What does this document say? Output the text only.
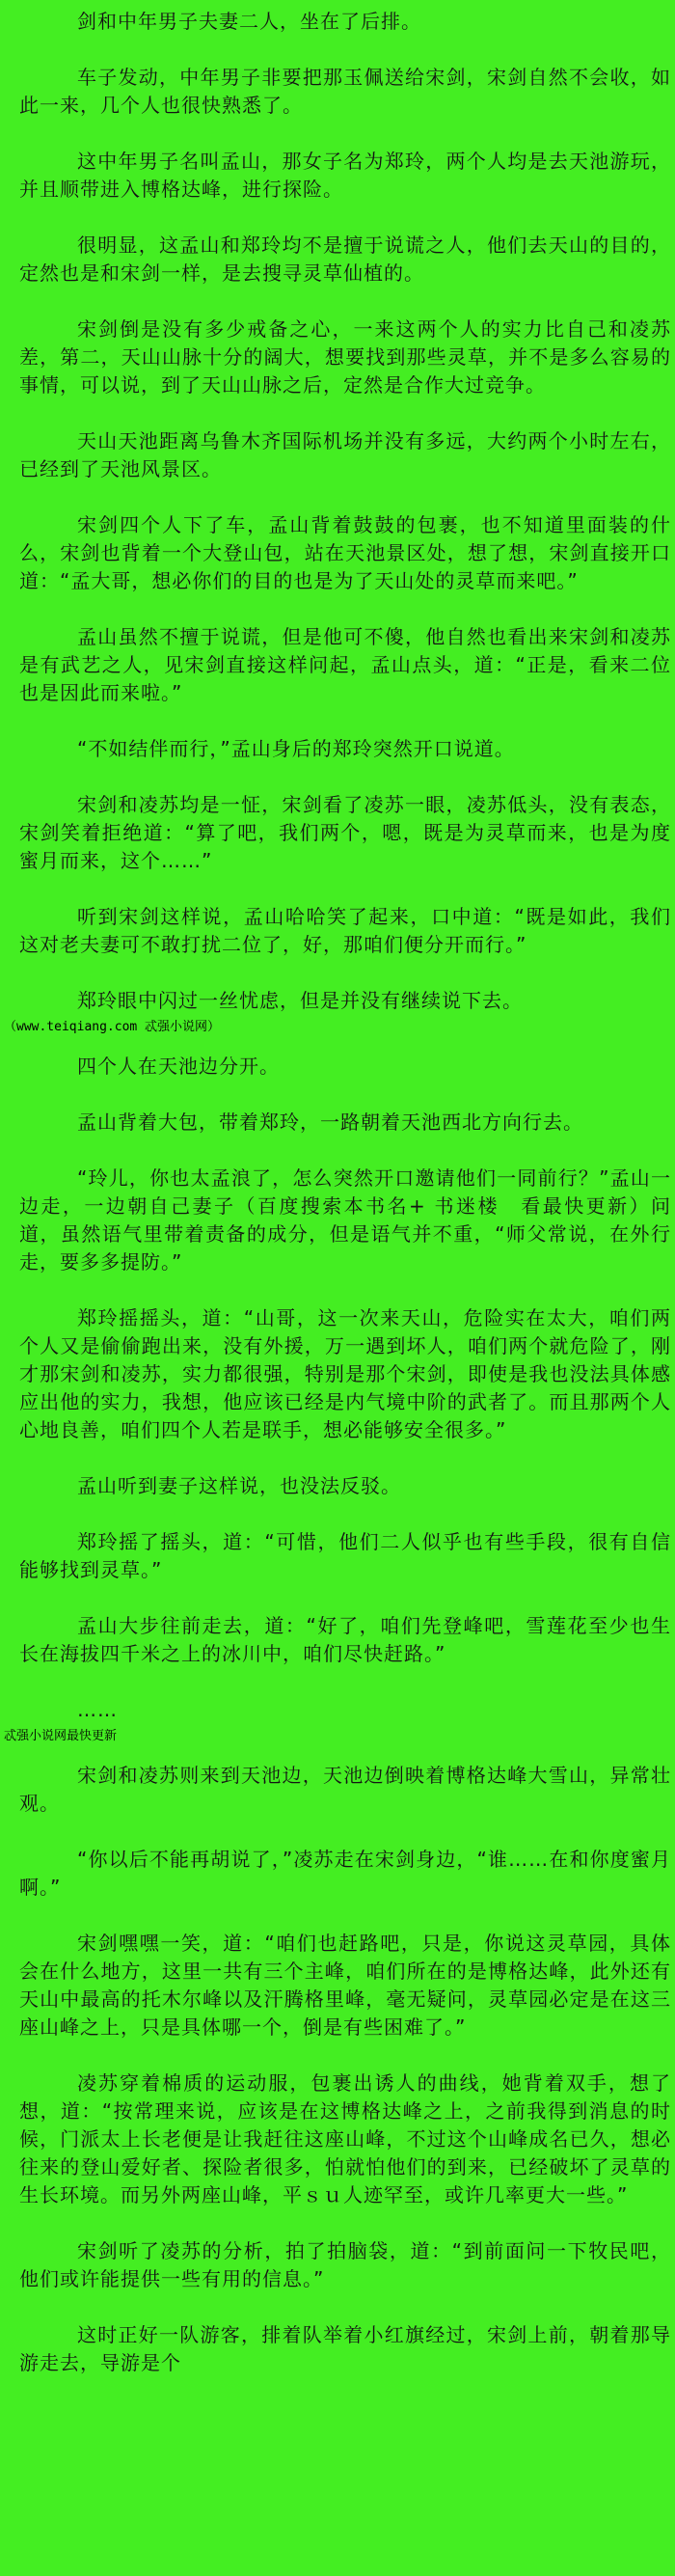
剑和中年男子夫妻二人，坐在了后排。

车子发动，中年男子非要把那玉佩送给宋剑，宋剑自然不会收，如此一来，几个人也很快熟悉了。

这中年男子名叫孟山，那女子名为郑玲，两个人均是去天池游玩，并且顺带进入博格达峰，进行探险。

很明显，这孟山和郑玲均不是擅于说谎之人，他们去天山的目的，定然也是和宋剑一样，是去搜寻灵草仙植的。

宋剑倒是没有多少戒备之心，一来这两个人的实力比自己和凌苏差，第二，天山山脉十分的阔大，想要找到那些灵草，并不是多么容易的事情，可以说，到了天山山脉之后，定然是合作大过竞争。

天山天池距离乌鲁木齐国际机场并没有多远，大约两个小时左右，已经到了天池风景区。

宋剑四个人下了车，孟山背着鼓鼓的包裹，也不知道里面装的什么，宋剑也背着一个大登山包，站在天池景区处，想了想，宋剑直接开口道：“孟大哥，想必你们的目的也是为了天山处的灵草而来吧。”

孟山虽然不擅于说谎，但是他可不傻，他自然也看出来宋剑和凌苏是有武艺之人，见宋剑直接这样问起，孟山点头，道：“正是，看来二位也是因此而来啦。”

“不如结伴而行，”孟山身后的郑玲突然开口说道。

宋剑和凌苏均是一怔，宋剑看了凌苏一眼，凌苏低头，没有表态，宋剑笑着拒绝道：“算了吧，我们两个，嗯，既是为灵草而来，也是为度蜜月而来，这个……”

听到宋剑这样说，孟山哈哈笑了起来，口中道：“既是如此，我们这对老夫妻可不敢打扰二位了，好，那咱们便分开而行。”

郑玲眼中闪过一丝忧虑，但是并没有继续说下去。

（www.teiqiang.com 忒强小说网）

四个人在天池边分开。

孟山背着大包，带着郑玲，一路朝着天池西北方向行去。

“玲儿，你也太孟浪了，怎么突然开口邀请他们一同前行？”孟山一边走，一边朝自己妻子（百度搜索本书名+ 书迷楼　看最快更新）问道，虽然语气里带着责备的成分，但是语气并不重，“师父常说，在外行走，要多多提防。”

郑玲摇摇头，道：“山哥，这一次来天山，危险实在太大，咱们两个人又是偷偷跑出来，没有外援，万一遇到坏人，咱们两个就危险了，刚才那宋剑和凌苏，实力都很强，特别是那个宋剑，即使是我也没法具体感应出他的实力，我想，他应该已经是内气境中阶的武者了。而且那两个人心地良善，咱们四个人若是联手，想必能够安全很多。”

孟山听到妻子这样说，也没法反驳。

郑玲摇了摇头，道：“可惜，他们二人似乎也有些手段，很有自信能够找到灵草。”

孟山大步往前走去，道：“好了，咱们先登峰吧，雪莲花至少也生长在海拔四千米之上的冰川中，咱们尽快赶路。”

……

忒强小说网最快更新

宋剑和凌苏则来到天池边，天池边倒映着博格达峰大雪山，异常壮观。

“你以后不能再胡说了，”凌苏走在宋剑身边，“谁……在和你度蜜月啊。”

宋剑嘿嘿一笑，道：“咱们也赶路吧，只是，你说这灵草园，具体会在什么地方，这里一共有三个主峰，咱们所在的是博格达峰，此外还有天山中最高的托木尔峰以及汗腾格里峰，毫无疑问，灵草园必定是在这三座山峰之上，只是具体哪一个，倒是有些困难了。”

凌苏穿着棉质的运动服，包裹出诱人的曲线，她背着双手，想了想，道：“按常理来说，应该是在这博格达峰之上，之前我得到消息的时候，门派太上长老便是让我赶往这座山峰，不过这个山峰成名已久，想必往来的登山爱好者、探险者很多，怕就怕他们的到来，已经破坏了灵草的生长环境。而另外两座山峰，平ｓｕ人迹罕至，或许几率更大一些。”

宋剑听了凌苏的分析，拍了拍脑袋，道：“到前面问一下牧民吧，他们或许能提供一些有用的信息。”

这时正好一队游客，排着队举着小红旗经过，宋剑上前，朝着那导游走去，导游是个
